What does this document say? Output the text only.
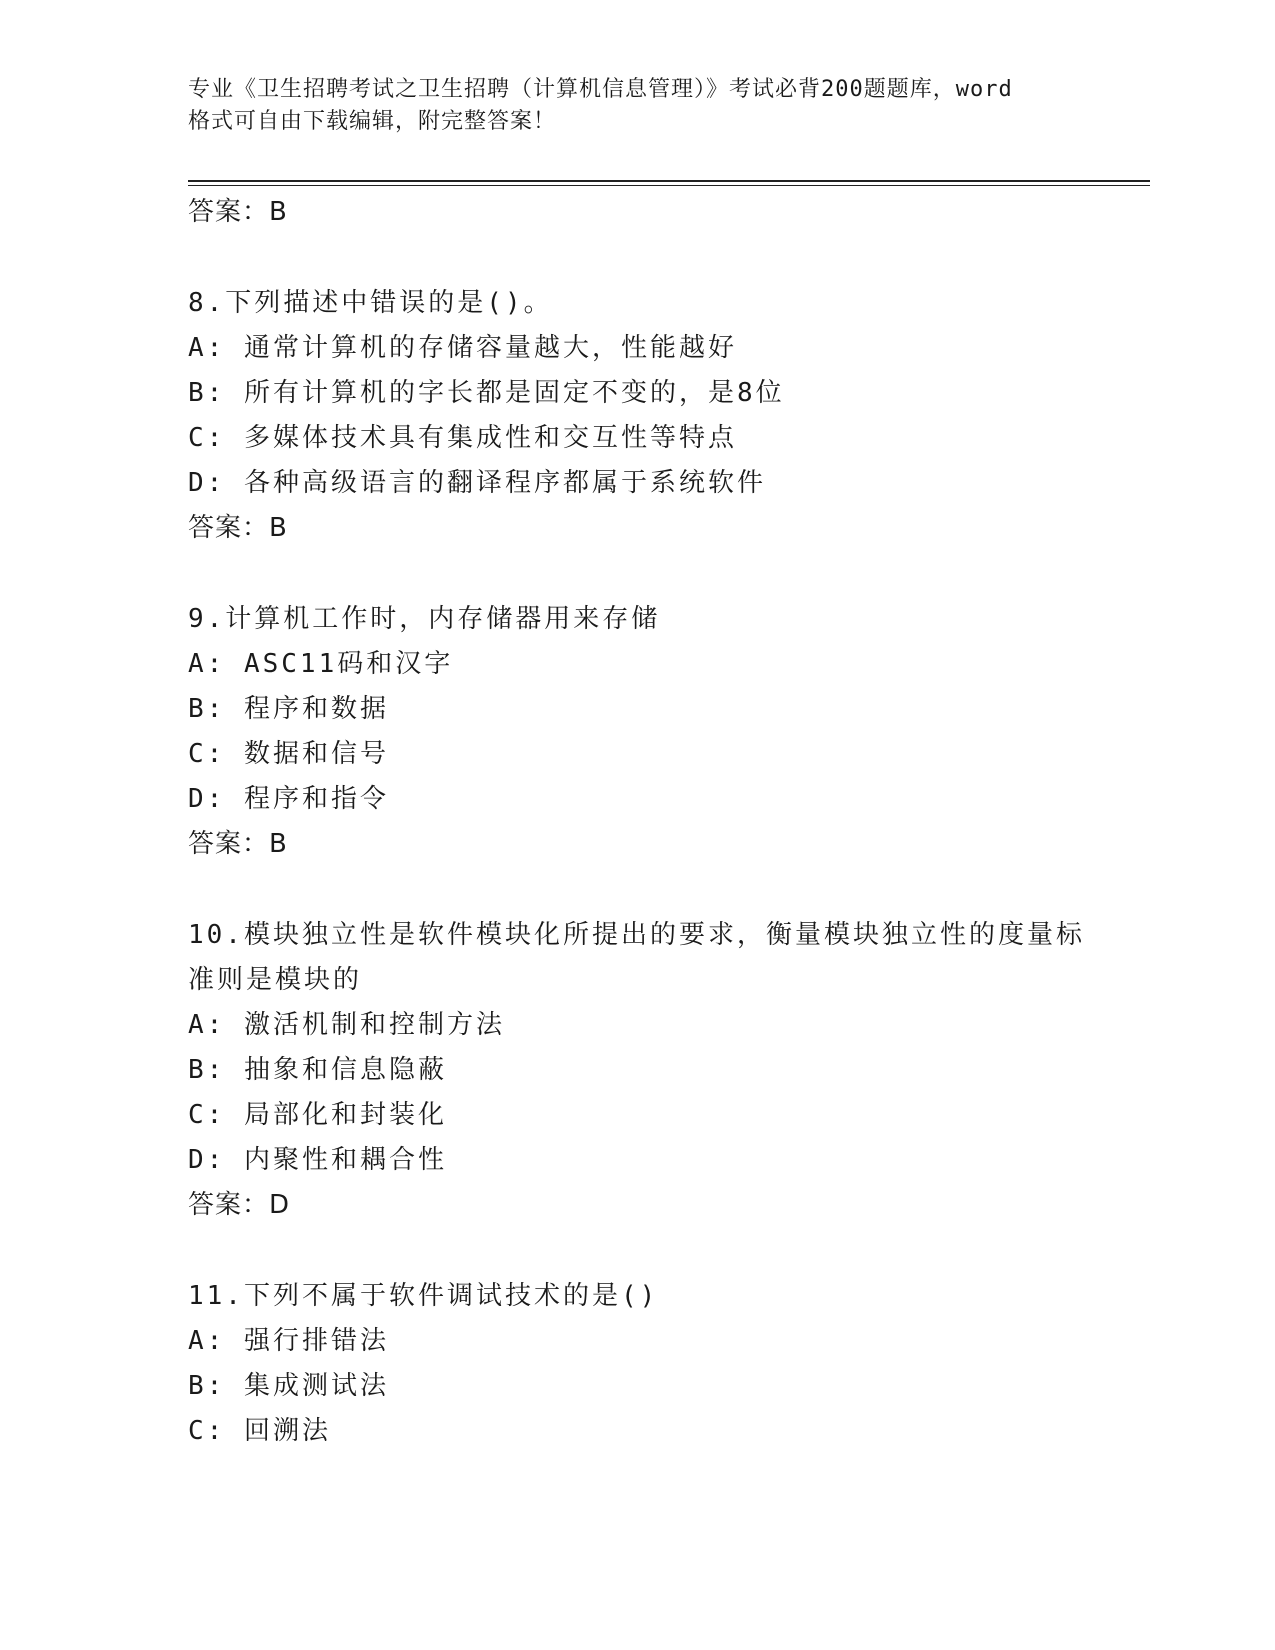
专业《卫生招聘考试之卫生招聘（计算机信息管理）》考试必背200题题库，word
格式可自由下载编辑，附完整答案！
答案：B
8.下列描述中错误的是()。
A: 通常计算机的存储容量越大，性能越好
B: 所有计算机的字长都是固定不变的，是8位
C: 多媒体技术具有集成性和交互性等特点
D: 各种高级语言的翻译程序都属于系统软件
答案：B
9.计算机工作时，内存储器用来存储
A: ASC11码和汉字
B: 程序和数据
C: 数据和信号
D: 程序和指令
答案：B
10.模块独立性是软件模块化所提出的要求，衡量模块独立性的度量标
准则是模块的
A: 激活机制和控制方法
B: 抽象和信息隐蔽
C: 局部化和封装化
D: 内聚性和耦合性
答案：D
11.下列不属于软件调试技术的是()
A: 强行排错法
B: 集成测试法
C: 回溯法
